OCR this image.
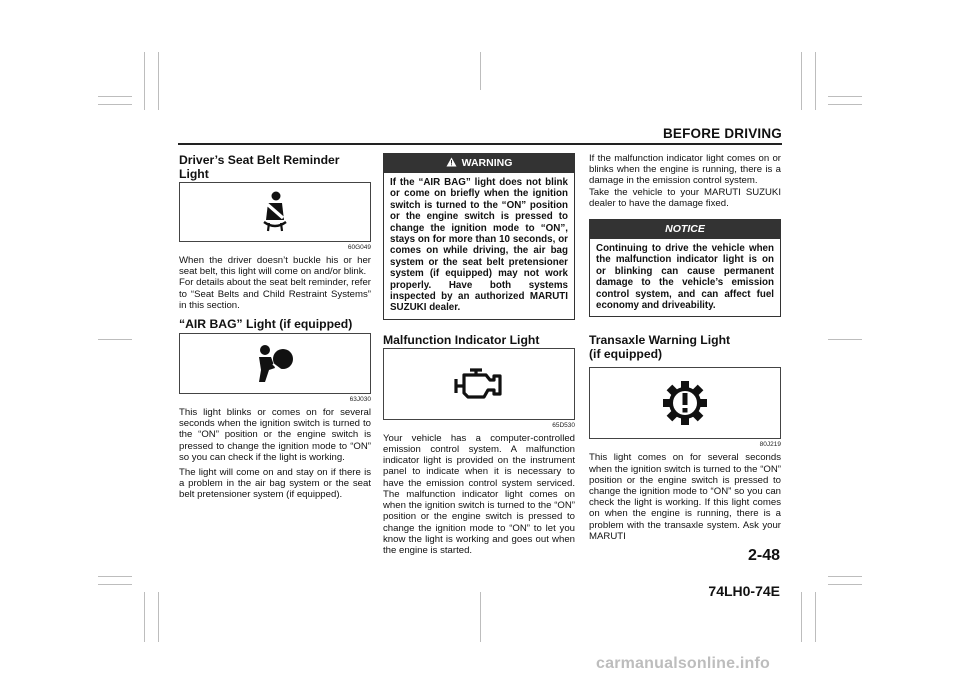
BEFORE DRIVING
Driver’s Seat Belt Reminder Light
60G049

When the driver doesn’t buckle his or her seat belt, this light will come on and/or blink.

For details about the seat belt reminder, refer to “Seat Belts and Child Restraint Systems” in this section.

“AIR BAG” Light (if equipped)
63J030

This light blinks or comes on for several seconds when the ignition switch is turned to the “ON” position or the engine switch is pressed to change the ignition mode to “ON” so you can check if the light is working.

The light will come on and stay on if there is a problem in the air bag system or the seat belt pretensioner system (if equipped).

WARNING
If the “AIR BAG” light does not blink or come on briefly when the ignition switch is turned to the “ON” position or the engine switch is pressed to change the ignition mode to “ON”, stays on for more than 10 seconds, or comes on while driving, the air bag system or the seat belt pretensioner system (if equipped) may not work properly. Have both systems inspected by an authorized MARUTI SUZUKI dealer.
Malfunction Indicator Light
65D530

Your vehicle has a computer-controlled emission control system. A malfunction indicator light is provided on the instrument panel to indicate when it is necessary to have the emission control system serviced. The malfunction indicator light comes on when the ignition switch is turned to the “ON” position or the engine switch is pressed to change the ignition mode to “ON” to let you know the light is working and goes out when the engine is started.

If the malfunction indicator light comes on or blinks when the engine is running, there is a damage in the emission control system.

Take the vehicle to your MARUTI SUZUKI dealer to have the damage fixed.

NOTICE
Continuing to drive the vehicle when the malfunction indicator light is on or blinking can cause permanent damage to the vehicle’s emission control system, and can affect fuel economy and driveability.
Transaxle Warning Light
(if equipped)
80J219

This light comes on for several seconds when the ignition switch is turned to the “ON” position or the engine switch is pressed to change the ignition mode to “ON” so you can check the light is working. If this light comes on when the engine is running, there is a problem with the transaxle system. Ask your MARUTI

2-48
74LH0-74E
carmanualsonline.info
